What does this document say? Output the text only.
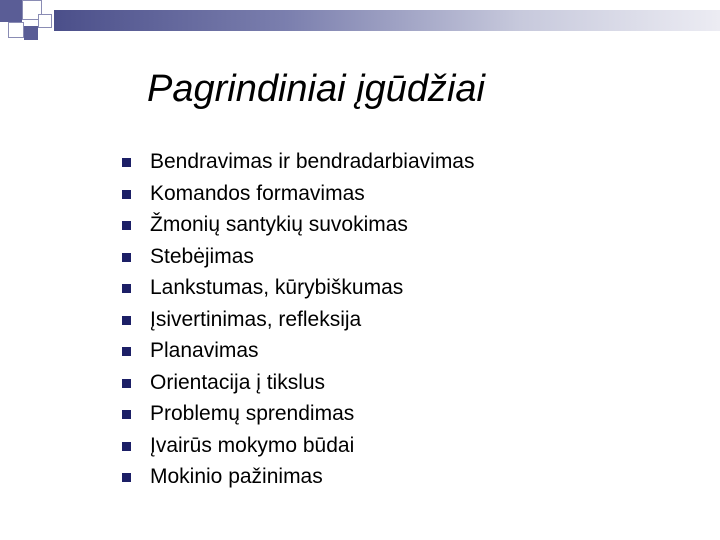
Pagrindiniai įgūdžiai
Bendravimas ir bendradarbiavimas
Komandos formavimas
Žmonių santykių suvokimas
Stebėjimas
Lankstumas, kūrybiškumas
Įsivertinimas, refleksija
Planavimas
Orientacija į tikslus
Problemų sprendimas
Įvairūs mokymo būdai
Mokinio pažinimas
